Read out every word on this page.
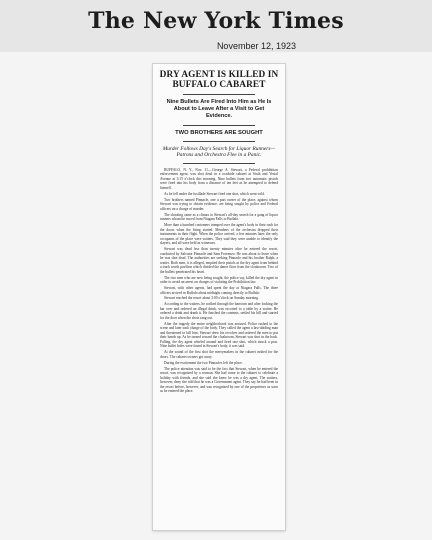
The New York Times
November 12, 1923
DRY AGENT IS KILLED IN BUFFALO CABARET
Nine Bullets Are Fired Into Him as He Is About to Leave After a Visit to Get Evidence.
TWO BROTHERS ARE SOUGHT
Murder Follows Day's Search for Liquor Runners—Patrons and Orchestra Flee in a Panic.

BUFFALO, N. Y., Nov. 11.—George A. Stewart, a Federal prohibition enforcement agent, was shot dead in a roadside cabaret at Sixth and Vestal Avenue at 3:15 o'clock this morning. Nine bullets from two automatic pistols were fired into his body from a distance of ten feet as he attempted to defend himself.

As he fell under the fusillade Stewart fired one shot, which went wild.

Two brothers named Pinnacle, one a part owner of the place, against whom Stewart was trying to obtain evidence, are being sought by police and Federal officers on a charge of murder.

The shooting came as a climax to Stewart's all-day search for a gang of liquor runners whom he traced from Niagara Falls to Buffalo.

More than a hundred customers tramped over the agent's body in their rush for the doors when the firing started. Members of the orchestra dropped their instruments in their flight. When the police arrived, a few minutes later, the only occupants of the place were waiters. They said they were unable to identify the slayers, and all were held as witnesses.

Stewart was dead less than twenty minutes after he entered the resort, conducted by Salvator Pinnacle and Sam Forvenzo. He was about to leave when he was shot dead. The authorities are seeking Pinnacle and his brother Ralph, a waiter. Both men, it is alleged, emptied their pistols at the dry agent from behind a truck worth pavilion which divided the dance floor from the cloakroom. Two of the bullets penetrated his heart.

The two men who are now being sought, the police say, killed the dry agent in order to avoid an arrest on charges of violating the Prohibition law.

Stewart, with other agents, had spent the day at Niagara Falls. The three officers arrived in Buffalo about midnight coming directly to Buffalo.

Stewart reached the resort about 3:00 o'clock on Sunday morning.

According to the waiters, he walked through the barroom and after looking the bar over and ordered an illegal drink, was escorted to a table by a waiter. He ordered a drink and drank it. He finished the contents, settled his bill and started for the door when the shots rang out.

After the tragedy the entire neighborhood was aroused. Police rushed to the scene and later took charge of the body. They called the agent a law-abiding man and threatened to kill him. Stewart drew his revolver and ordered the men to put their hands up. As he turned toward the cloakroom, Stewart was shot in the back. Falling, the dry agent whirled around and fired one shot, which struck a post. Nine bullet holes were found in Stewart's body, it was said.

At the sound of the first shot the merrymakers in the cabaret rushed for the doors. The cabaret owners got away.

During the excitement the two Pinnacles left the place.

The police attention was said to be the fact that Stewart, when he entered the resort, was recognized by a woman. She had come to the cabaret to celebrate a holiday with friends, and she said she knew he was a dry agent. The waiters, however, deny she told that he was a Government agent. They say he had been in the resort before, however, and was recognized by one of the proprietors as soon as he entered the place.
